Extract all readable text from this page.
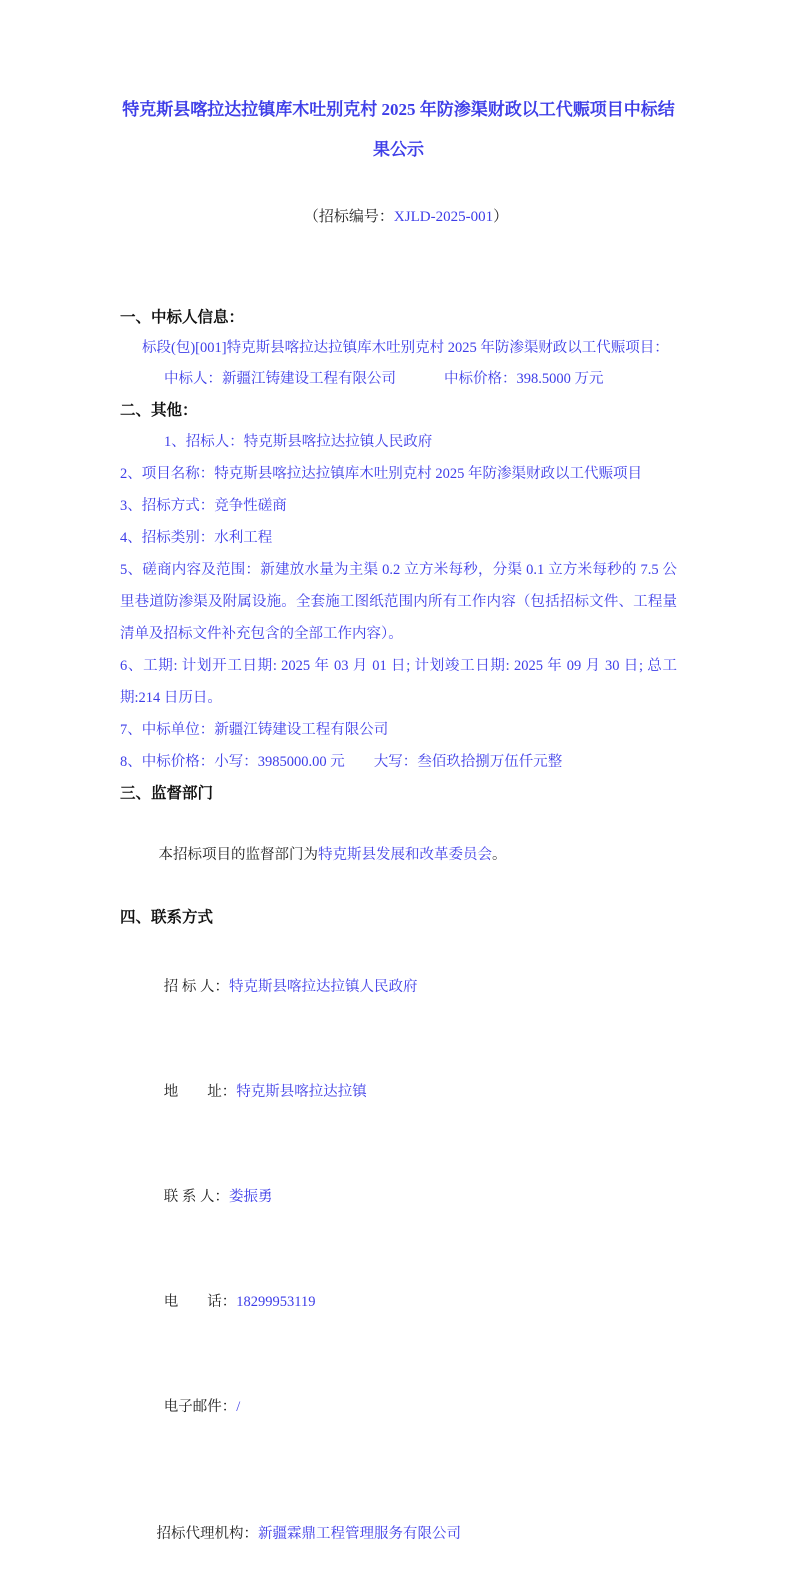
特克斯县喀拉达拉镇库木吐别克村 2025 年防渗渠财政以工代赈项目中标结果公示

（招标编号：XJLD-2025-001）

一、中标人信息：
标段(包)[001]特克斯县喀拉达拉镇库木吐别克村 2025 年防渗渠财政以工代赈项目：
中标人：新疆江铸建设工程有限公司	中标价格：398.5000 万元
二、其他：
1、招标人：特克斯县喀拉达拉镇人民政府
2、项目名称：特克斯县喀拉达拉镇库木吐别克村 2025 年防渗渠财政以工代赈项目
3、招标方式：竞争性磋商
4、招标类别：水利工程
5、磋商内容及范围：新建放水量为主渠 0.2 立方米每秒，分渠 0.1 立方米每秒的 7.5 公里巷道防渗渠及附属设施。全套施工图纸范围内所有工作内容（包括招标文件、工程量清单及招标文件补充包含的全部工作内容）。
6、工期: 计划开工日期: 2025 年 03 月 01 日; 计划竣工日期: 2025 年 09 月 30 日; 总工期:214 日历日。
7、中标单位：新疆江铸建设工程有限公司
8、中标价格：小写：3985000.00 元　　大写：叁佰玖拾捌万伍仟元整
三、监督部门

本招标项目的监督部门为特克斯县发展和改革委员会。

四、联系方式

招 标 人：特克斯县喀拉达拉镇人民政府

地　　址：特克斯县喀拉达拉镇

联 系 人：娄振勇

电　　话：18299953119

电子邮件：/

招标代理机构：新疆霖鼎工程管理服务有限公司
